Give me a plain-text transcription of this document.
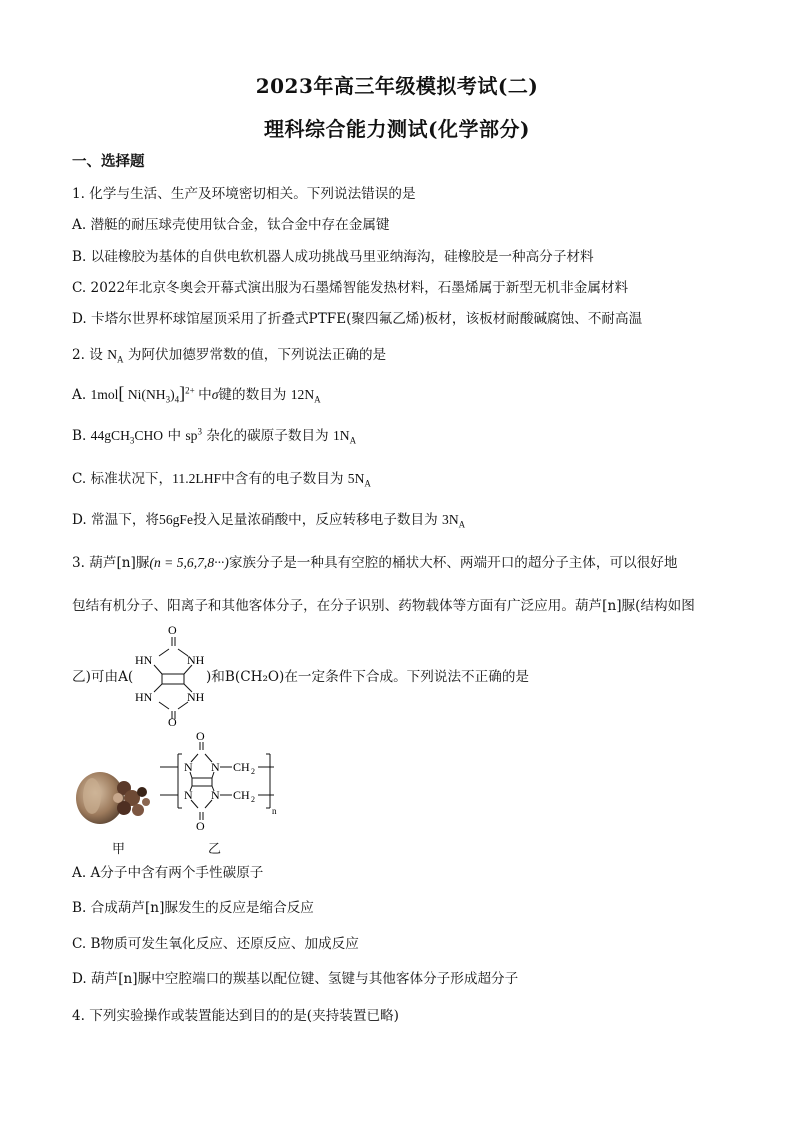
2023年高三年级模拟考试(二)
理科综合能力测试(化学部分)
一、选择题
1. 化学与生活、生产及环境密切相关。下列说法错误的是
A. 潜艇的耐压球壳使用钛合金，钛合金中存在金属键
B. 以硅橡胶为基体的自供电软机器人成功挑战马里亚纳海沟，硅橡胶是一种高分子材料
C. 2022年北京冬奥会开幕式演出服为石墨烯智能发热材料，石墨烯属于新型无机非金属材料
D. 卡塔尔世界杯球馆屋顶采用了折叠式PTFE(聚四氟乙烯)板材，该板材耐酸碱腐蚀、不耐高温
2. 设 $N_A$ 为阿伏加德罗常数的值，下列说法正确的是
A. 1mol[ $Ni(NH_3)_4]^{2+}$ 中σ键的数目为 $12N_A$
B. 44gCH$_3$CHO 中 $sp^3$ 杂化的碳原子数目为 $1N_A$
C. 标准状况下，11.2LHF中含有的电子数目为 $5N_A$
D. 常温下，将56gFe投入足量浓硝酸中，反应转移电子数目为 $3N_A$
3. 葫芦[n]脲(n = 5,6,7,8···)家族分子是一种具有空腔的桶状大杯、两端开口的超分子主体，可以很好地
包结有机分子、阳离子和其他客体分子，在分子识别、药物载体等方面有广泛应用。葫芦[n]脲(结构如图
乙)可由A(	)和B(CH₂O)在一定条件下合成。下列说法不正确的是
O
HN	NH
HN	NH
O
甲
O
N N
N N
O
CH 2
CH 2
n
乙
A. A分子中含有两个手性碳原子
B. 合成葫芦[n]脲发生的反应是缩合反应
C. B物质可发生氧化反应、还原反应、加成反应
D. 葫芦[n]脲中空腔端口的羰基以配位键、氢键与其他客体分子形成超分子
4. 下列实验操作或装置能达到目的的是(夹持装置已略)
